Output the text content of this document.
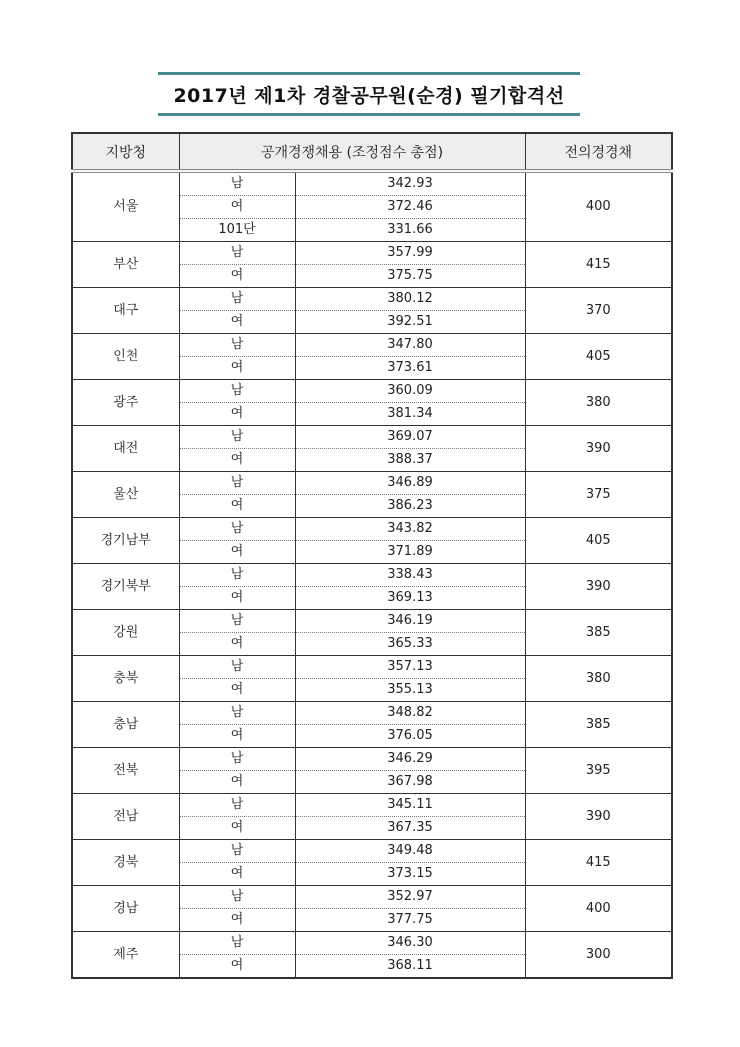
2017년 제1차 경찰공무원(순경) 필기합격선
지방청	공개경쟁채용 (조정점수 총점)		전의경경채
서울	남	342.93	400
	여	372.46	
	101단	331.66	
부산	남	357.99	415
	여	375.75	
대구	남	380.12	370
	여	392.51	
인천	남	347.80	405
	여	373.61	
광주	남	360.09	380
	여	381.34	
대전	남	369.07	390
	여	388.37	
울산	남	346.89	375
	여	386.23	
경기남부	남	343.82	405
	여	371.89	
경기북부	남	338.43	390
	여	369.13	
강원	남	346.19	385
	여	365.33	
충북	남	357.13	380
	여	355.13	
충남	남	348.82	385
	여	376.05	
전북	남	346.29	395
	여	367.98	
전남	남	345.11	390
	여	367.35	
경북	남	349.48	415
	여	373.15	
경남	남	352.97	400
	여	377.75	
제주	남	346.30	300
	여	368.11	
